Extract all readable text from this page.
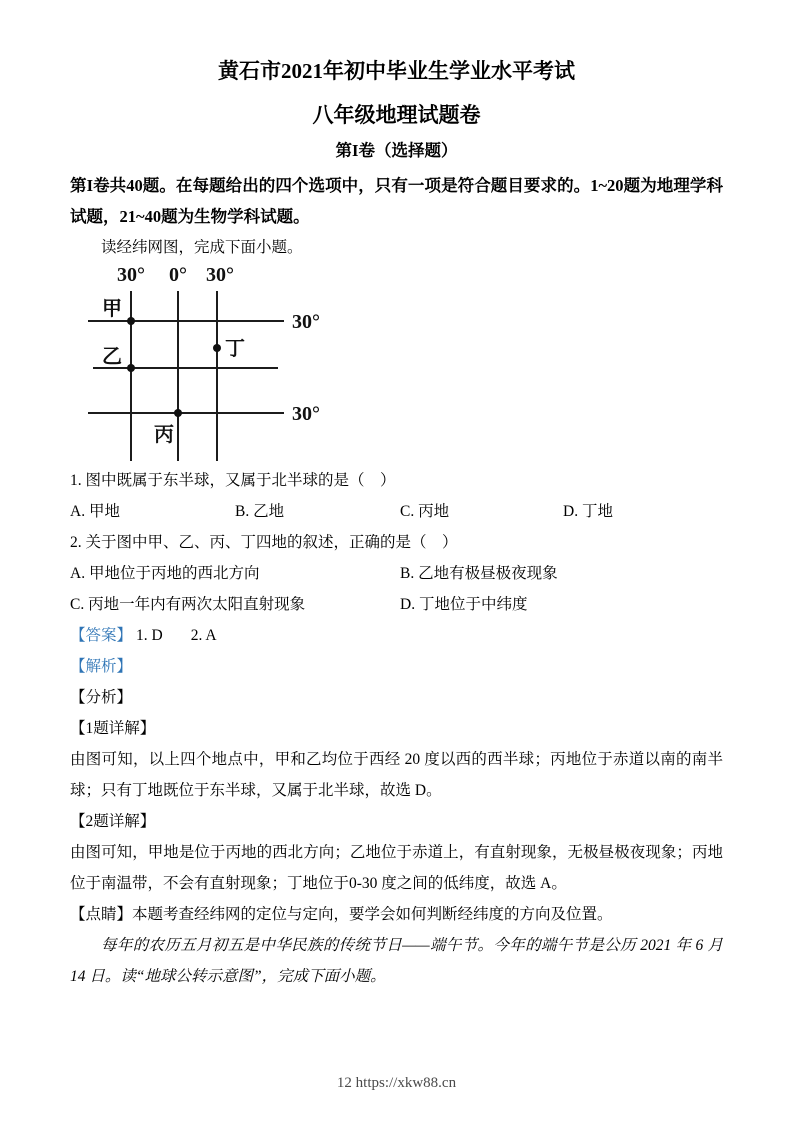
黄石市2021年初中毕业生学业水平考试
八年级地理试题卷
第I卷（选择题）

第I卷共40题。在每题给出的四个选项中，只有一项是符合题目要求的。1~20题为地理学科试题，21~40题为生物学科试题。

读经纬网图，完成下面小题。

30° 0° 30°
30°
30°
甲
乙	丁
丙

1. 图中既属于东半球，又属于北半球的是（　）

A. 甲地	B. 乙地	C. 丙地	D. 丁地

2. 关于图中甲、乙、丙、丁四地的叙述，正确的是（　）

A. 甲地位于丙地的西北方向	B. 乙地有极昼极夜现象
C. 丙地一年内有两次太阳直射现象	D. 丁地位于中纬度

【答案】 1. D 2. A

【解析】

【分析】

【1题详解】

由图可知，以上四个地点中，甲和乙均位于西经 20 度以西的西半球；丙地位于赤道以南的南半球；只有丁地既位于东半球，又属于北半球，故选 D。

【2题详解】

由图可知，甲地是位于丙地的西北方向；乙地位于赤道上，有直射现象，无极昼极夜现象；丙地位于南温带，不会有直射现象；丁地位于0-30 度之间的低纬度，故选 A。

【点睛】本题考查经纬网的定位与定向，要学会如何判断经纬度的方向及位置。

每年的农历五月初五是中华民族的传统节日——端午节。今年的端午节是公历 2021 年 6 月 14 日。读“地球公转示意图”，完成下面小题。

12 https://xkw88.cn
